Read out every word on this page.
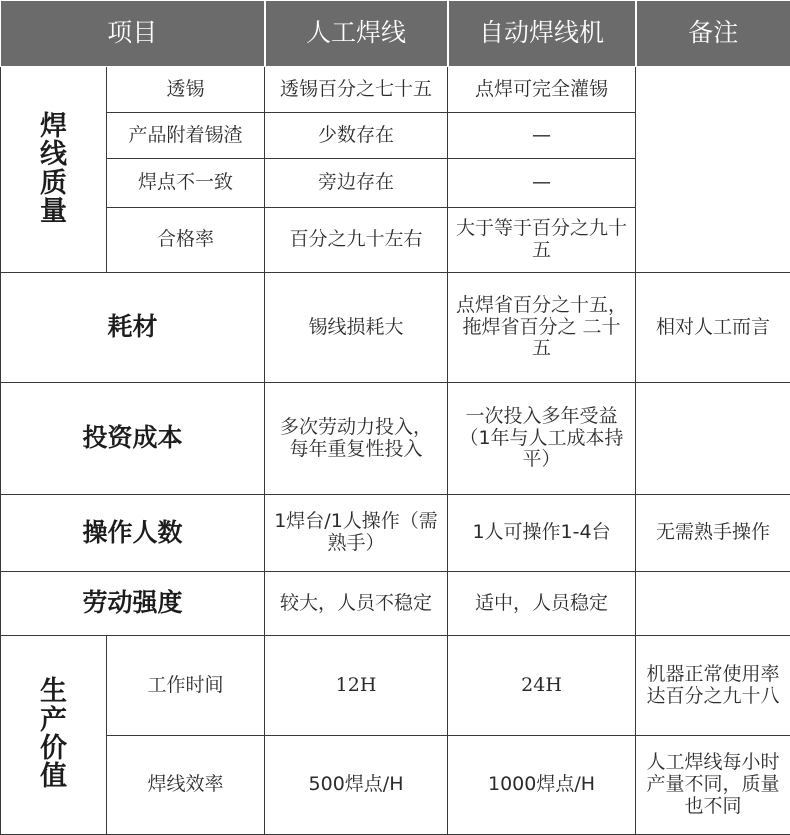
项目		人工焊线	自动焊线机	备注

焊
线
质
量	透锡	透锡百分之七十五	点焊可完全灌锡	
	产品附着锡渣	少数存在	—	
	焊点不一致	旁边存在	—	
	合格率	百分之九十左右	大于等于百分之九十五	
耗材		锡线损耗大	点焊省百分之十五，拖焊省百分之 二十五	相对人工而言
投资成本		多次劳动力投入，每年重复性投入	一次投入多年受益（1年与人工成本持平）	
操作人数		1焊台/1人操作（需熟手）	1人可操作1-4台	无需熟手操作
劳动强度		较大，人员不稳定	适中，人员稳定	

生
产
价
值	工作时间	12H	24H	机器正常使用率达百分之九十八
	焊线效率	500焊点/H	1000焊点/H	人工焊线每小时产量不同，质量也不同
